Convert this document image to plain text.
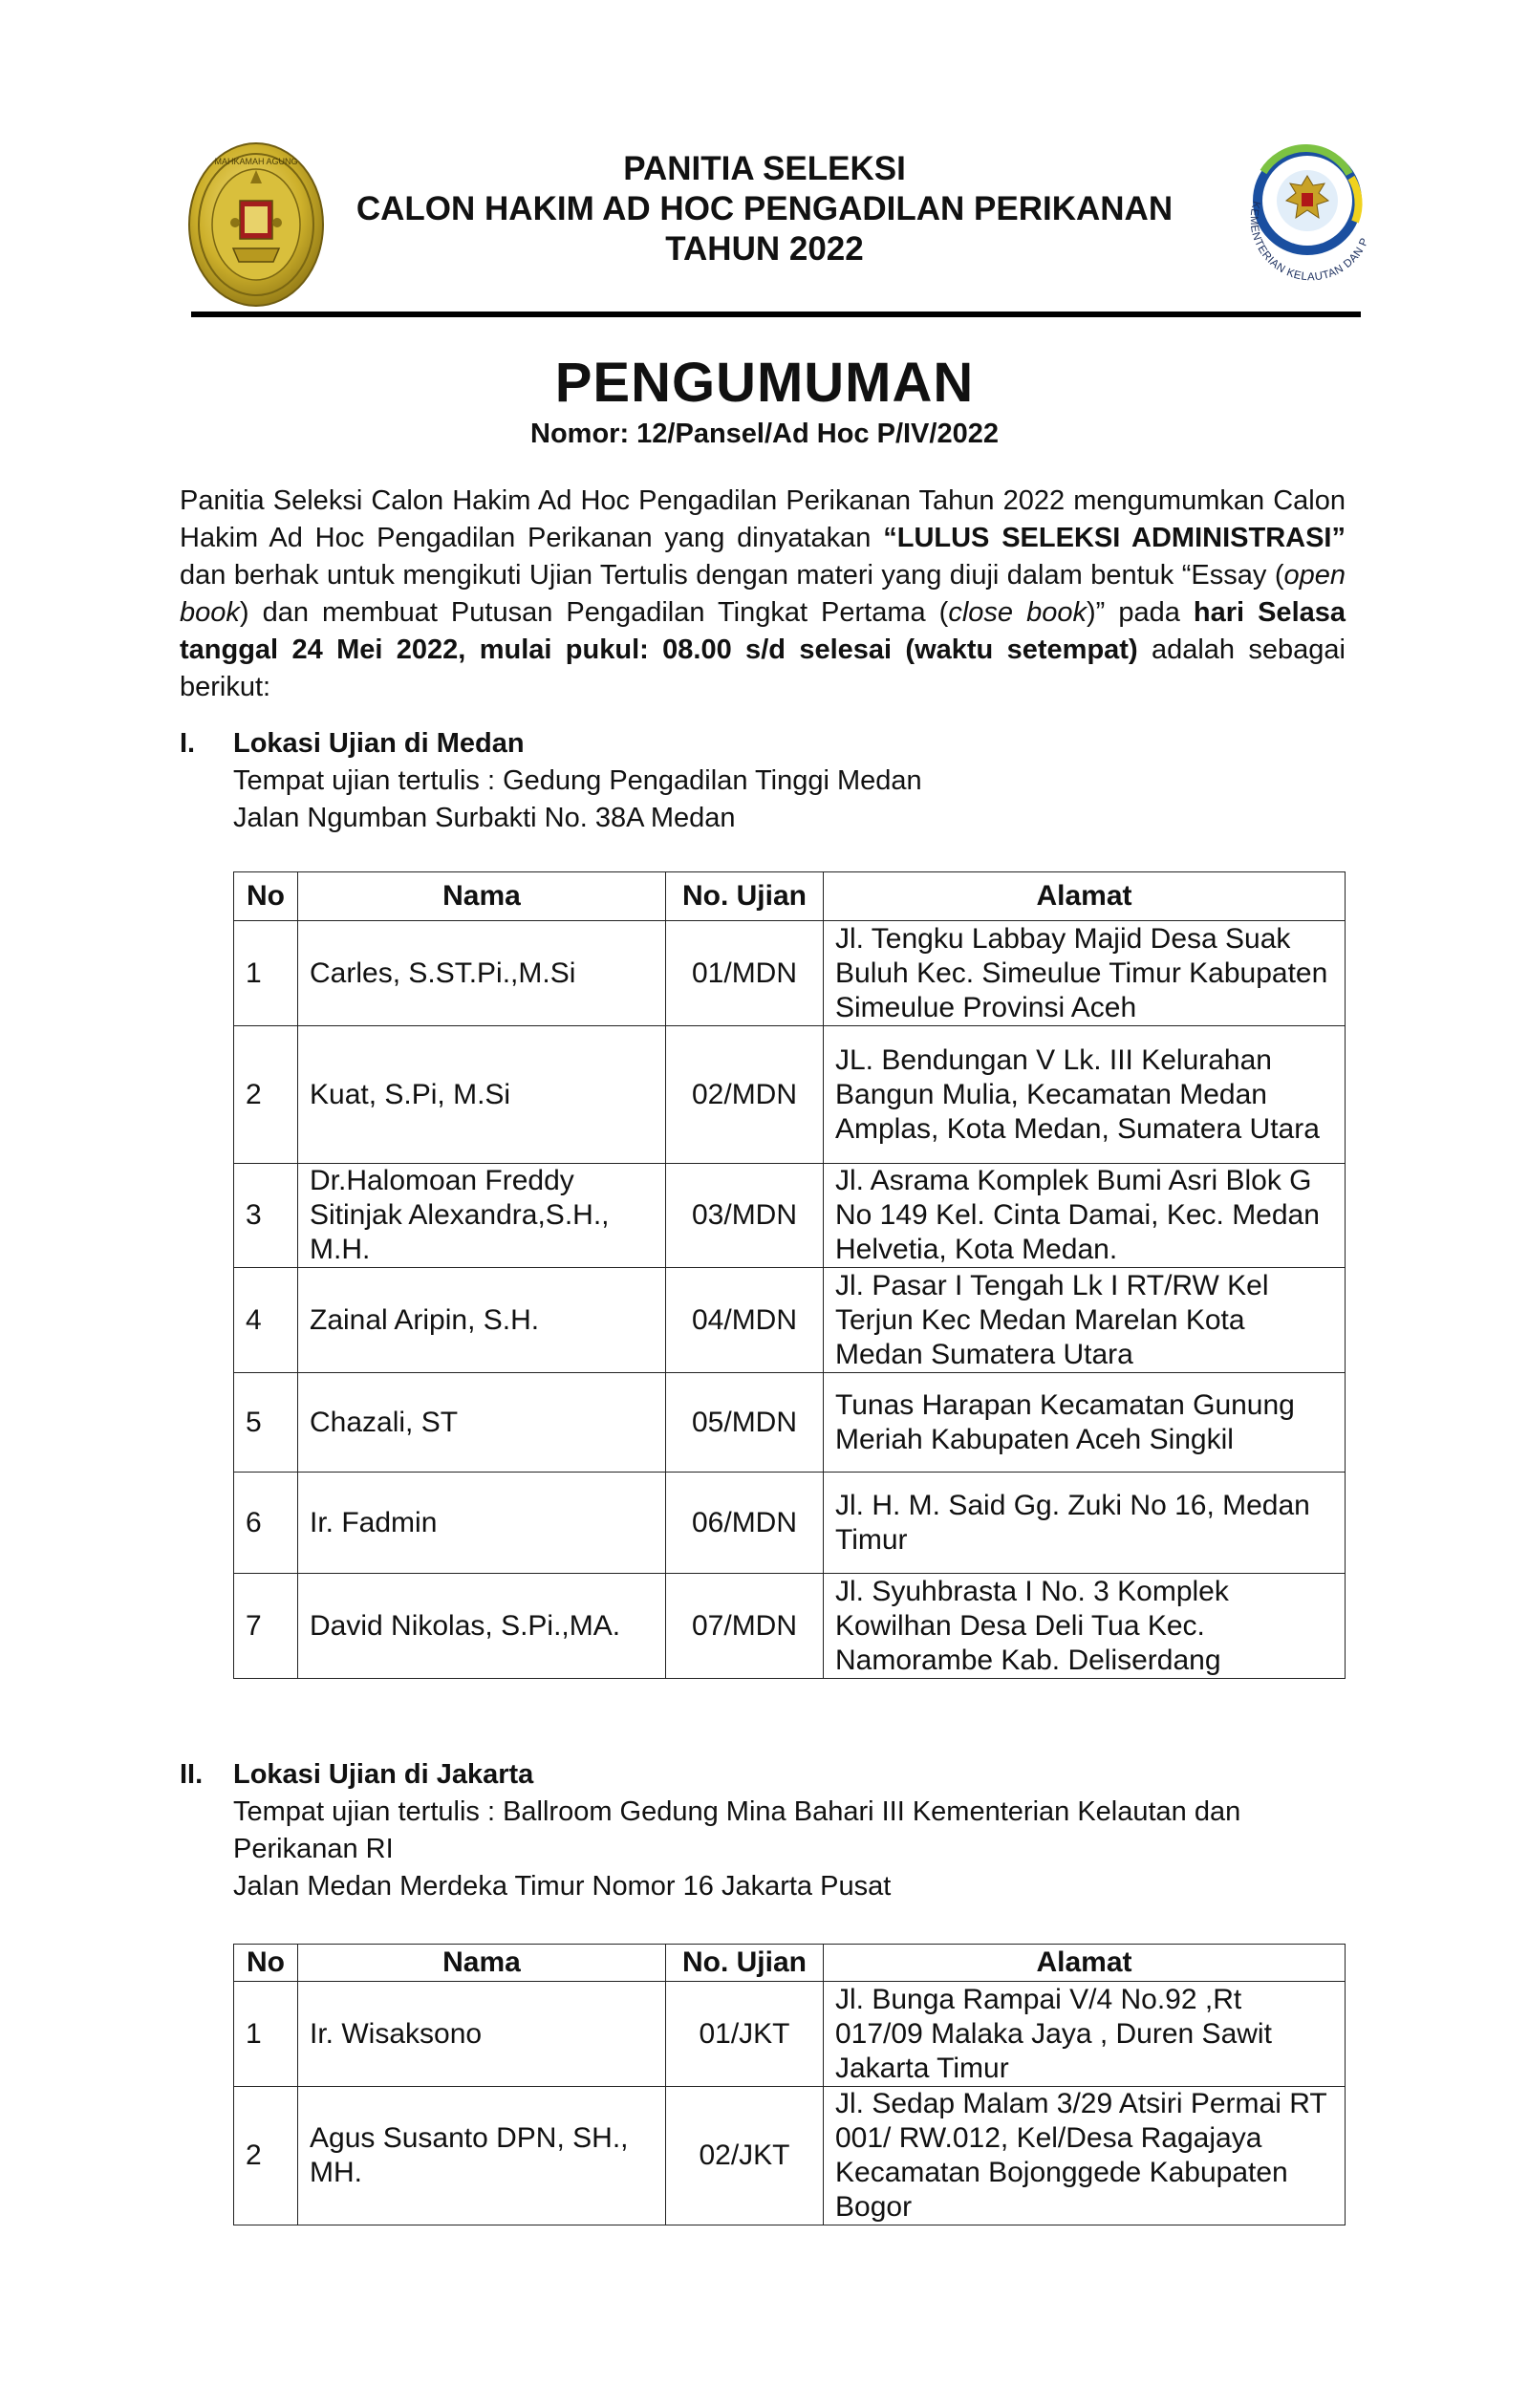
MAHKAMAH AGUNG	PANITIA SELEKSI
CALON HAKIM AD HOC PENGADILAN PERIKANAN
TAHUN 2022
KEMENTERIAN KELAUTAN DAN P
PENGUMUMAN
Nomor: 12/Pansel/Ad Hoc P/IV/2022
Panitia Seleksi Calon Hakim Ad Hoc Pengadilan Perikanan Tahun 2022 mengumumkan Calon Hakim Ad Hoc Pengadilan Perikanan yang dinyatakan “LULUS SELEKSI ADMINISTRASI” dan berhak untuk mengikuti Ujian Tertulis dengan materi yang diuji dalam bentuk “Essay (open book) dan membuat Putusan Pengadilan Tingkat Pertama (close book)” pada hari Selasa tanggal 24 Mei 2022, mulai pukul: 08.00 s/d selesai (waktu setempat) adalah sebagai berikut:
I. Lokasi Ujian di Medan
Tempat ujian tertulis : Gedung Pengadilan Tinggi Medan
Jalan Ngumban Surbakti No. 38A Medan
No	Nama	No. Ujian	Alamat
1	Carles, S.ST.Pi.,M.Si	01/MDN	Jl. Tengku Labbay Majid Desa Suak Buluh Kec. Simeulue Timur Kabupaten Simeulue Provinsi Aceh
2	Kuat, S.Pi, M.Si	02/MDN	JL. Bendungan V Lk. III Kelurahan Bangun Mulia, Kecamatan Medan Amplas, Kota Medan, Sumatera Utara
3	Dr.Halomoan Freddy Sitinjak Alexandra,S.H., M.H.	03/MDN	Jl. Asrama Komplek Bumi Asri Blok G No 149 Kel. Cinta Damai, Kec. Medan Helvetia, Kota Medan.
4	Zainal Aripin, S.H.	04/MDN	Jl. Pasar I Tengah Lk I RT/RW Kel Terjun Kec Medan Marelan Kota Medan Sumatera Utara
5	Chazali, ST	05/MDN	Tunas Harapan Kecamatan Gunung Meriah Kabupaten Aceh Singkil
6	Ir. Fadmin	06/MDN	Jl. H. M. Said Gg. Zuki No 16, Medan Timur
7	David Nikolas, S.Pi.,MA.	07/MDN	Jl. Syuhbrasta I No. 3 Komplek Kowilhan Desa Deli Tua Kec. Namorambe Kab. Deliserdang
II. Lokasi Ujian di Jakarta
Tempat ujian tertulis : Ballroom Gedung Mina Bahari III Kementerian Kelautan dan Perikanan RI
Jalan Medan Merdeka Timur Nomor 16 Jakarta Pusat
No	Nama	No. Ujian	Alamat
1	Ir. Wisaksono	01/JKT	Jl. Bunga Rampai V/4 No.92 ,Rt 017/09 Malaka Jaya , Duren Sawit Jakarta Timur
2	Agus Susanto DPN, SH., MH.	02/JKT	Jl. Sedap Malam 3/29 Atsiri Permai RT 001/ RW.012, Kel/Desa Ragajaya Kecamatan Bojonggede Kabupaten Bogor
